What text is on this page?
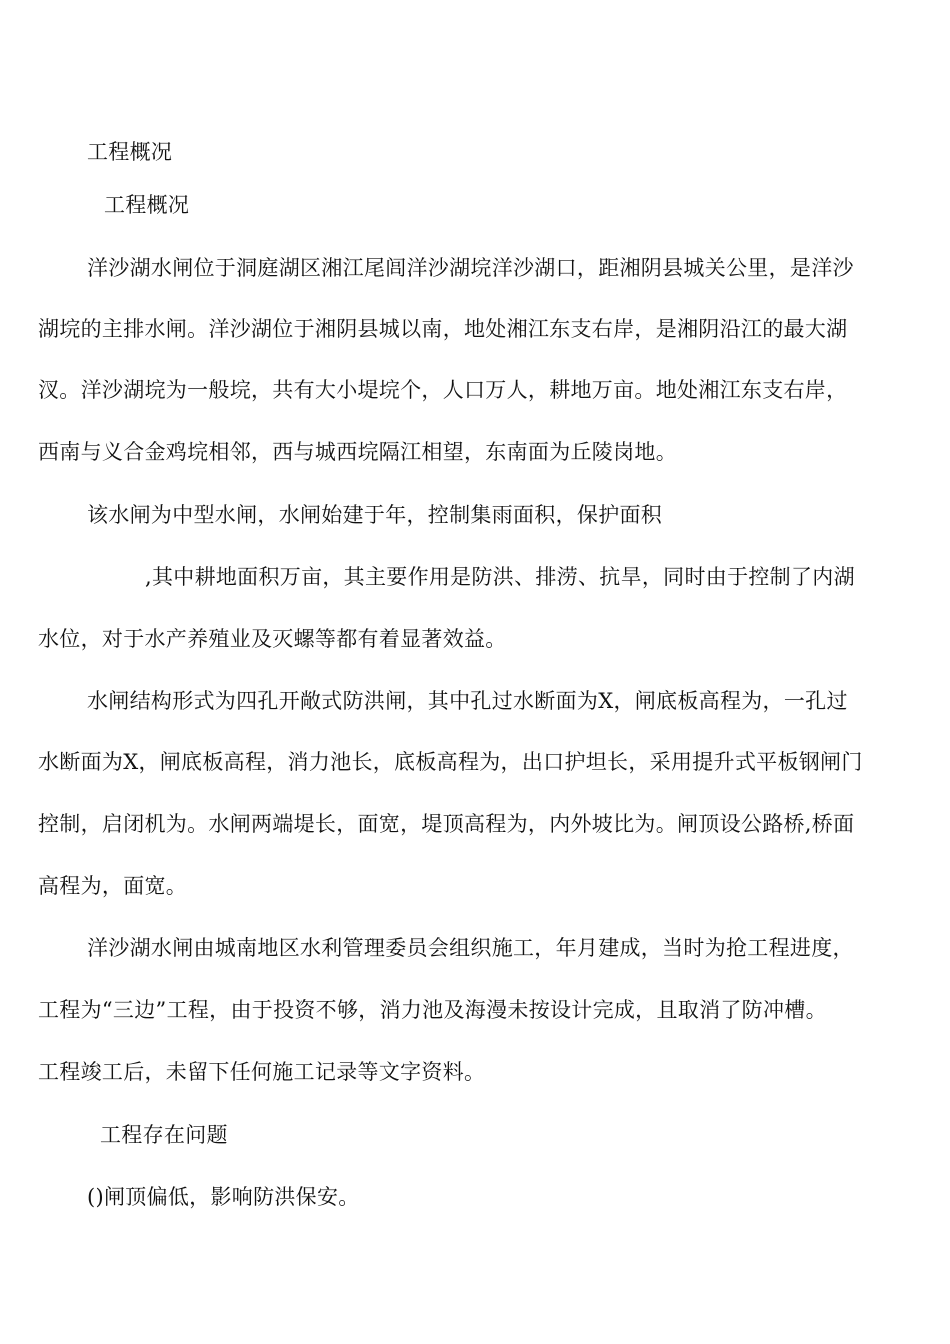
工程概况
工程概况
洋沙湖水闸位于洞庭湖区湘江尾闾洋沙湖垸洋沙湖口，距湘阴县城关公里，是洋沙
湖垸的主排水闸。洋沙湖位于湘阴县城以南，地处湘江东支右岸，是湘阴沿江的最大湖
汊。洋沙湖垸为一般垸，共有大小堤垸个，人口万人，耕地万亩。地处湘江东支右岸，
西南与义合金鸡垸相邻，西与城西垸隔江相望，东南面为丘陵岗地。
该水闸为中型水闸，水闸始建于年，控制集雨面积，保护面积
,其中耕地面积万亩，其主要作用是防洪、排涝、抗旱，同时由于控制了内湖
水位，对于水产养殖业及灭螺等都有着显著效益。
水闸结构形式为四孔开敞式防洪闸，其中孔过水断面为X，闸底板高程为，一孔过
水断面为X，闸底板高程，消力池长，底板高程为，出口护坦长，采用提升式平板钢闸门
控制，启闭机为。水闸两端堤长，面宽，堤顶高程为，内外坡比为。闸顶设公路桥,桥面
高程为，面宽。
洋沙湖水闸由城南地区水利管理委员会组织施工，年月建成，当时为抢工程进度，
工程为“三边”工程，由于投资不够，消力池及海漫未按设计完成，且取消了防冲槽。
工程竣工后，未留下任何施工记录等文字资料。
工程存在问题
()闸顶偏低，影响防洪保安。
